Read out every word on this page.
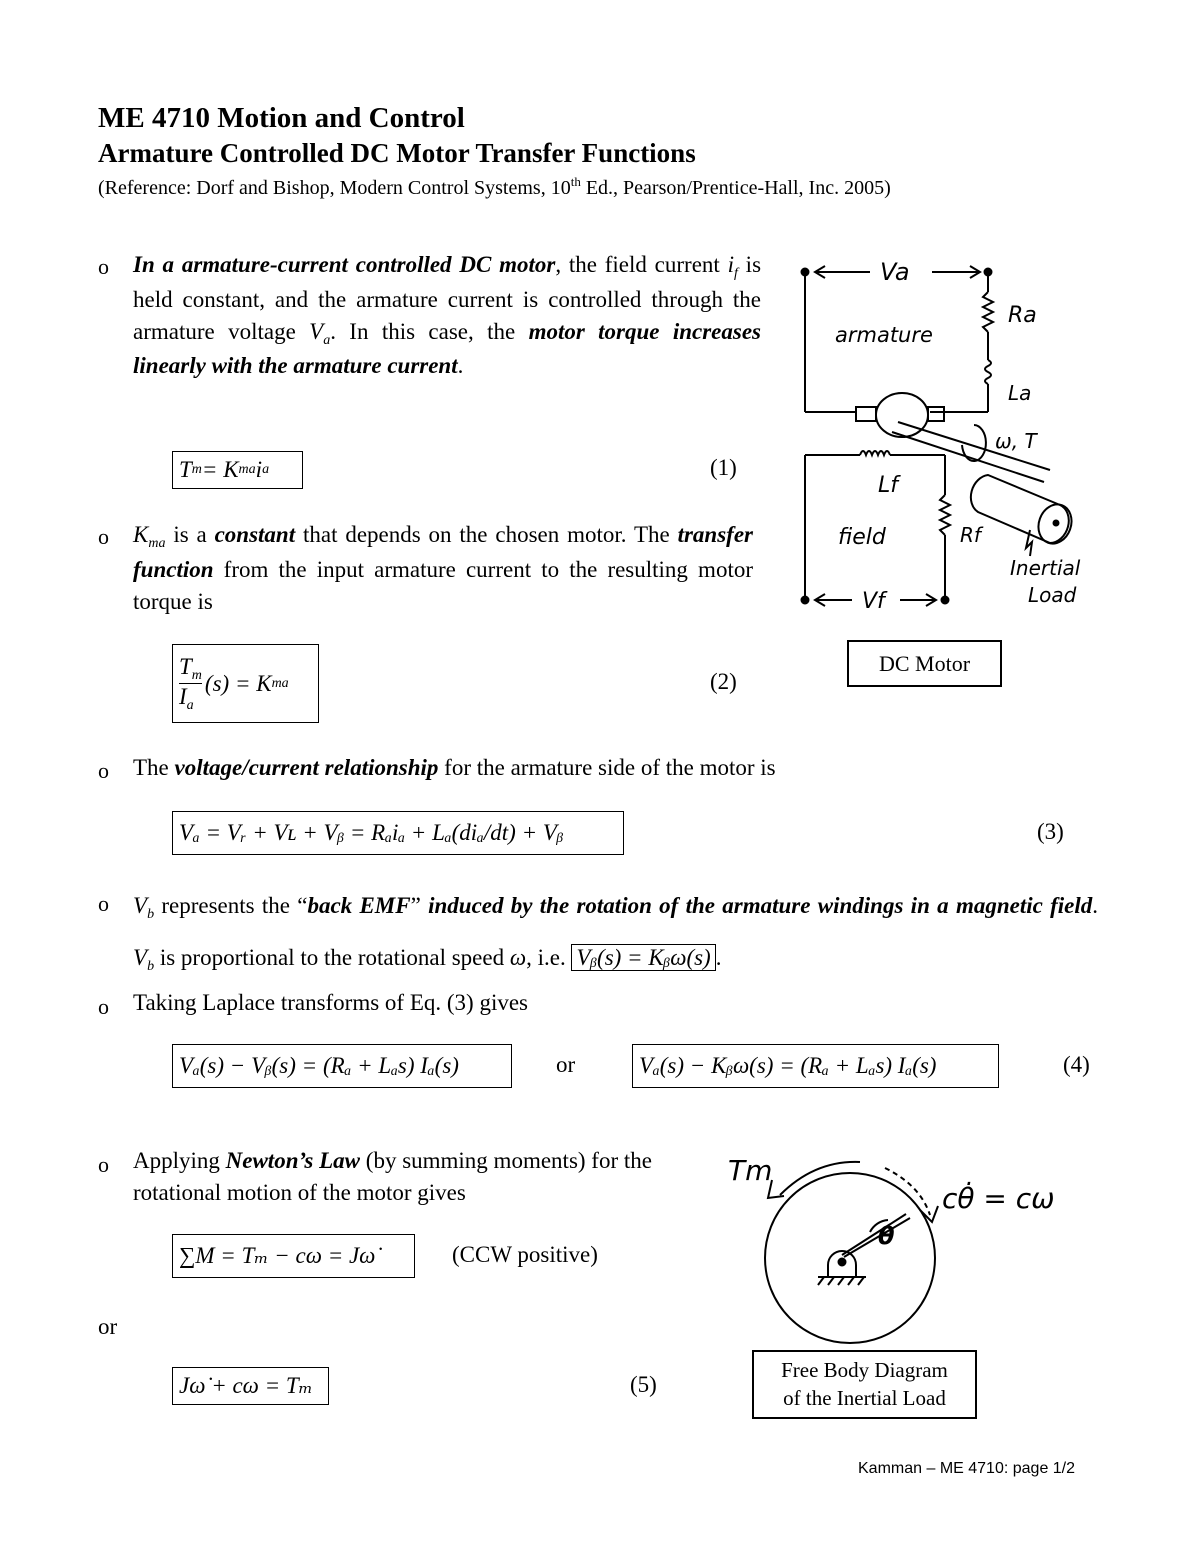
ME 4710 Motion and Control
Armature Controlled DC Motor Transfer Functions
(Reference: Dorf and Bishop, Modern Control Systems, 10th Ed., Pearson/Prentice-Hall, Inc. 2005)
o In a armature-current controlled DC motor, the field current $i_f$ is held constant, and the armature current is controlled through the armature voltage $V_a$. In this case, the motor torque increases linearly with the armature current.
T m = K ma i a	(1)
o $K_{ma}$ is a constant that depends on the chosen motor. The transfer function from the input armature current to the resulting motor torque is
$T_m$
$I_a$
(s) = K ma	(2)
o The voltage/current relationship for the armature side of the motor is
Vₐ = Vᵣ + Vʟ + Vᵦ = Rₐiₐ + Lₐ(diₐ/dt) + Vᵦ	(3)
o $V_b$ represents the “back EMF” induced by the rotation of the armature windings in a magnetic field. $V_b$ is proportional to the rotational speed ω, i.e. Vᵦ(s) = Kᵦω(s) .
o Taking Laplace transforms of Eq. (3) gives
Vₐ(s) − Vᵦ(s) = (Rₐ + Lₐs) Iₐ(s)	or	Vₐ(s) − Kᵦω(s) = (Rₐ + Lₐs) Iₐ(s)	(4)
o Applying Newton’s Law (by summing moments) for the rotational motion of the motor gives
∑M = Tₘ − cω = Jω̇	(CCW positive)
or
Jω̇ + cω = Tₘ	(5)
Va
Ra
armature
La
ω, T
Inertial
Load
Lf
Rf
field
Vf
DC Motor
Tm
cθ̇ = cω
θ
Free Body Diagram
of the Inertial Load
Kamman – ME 4710: page 1/2
